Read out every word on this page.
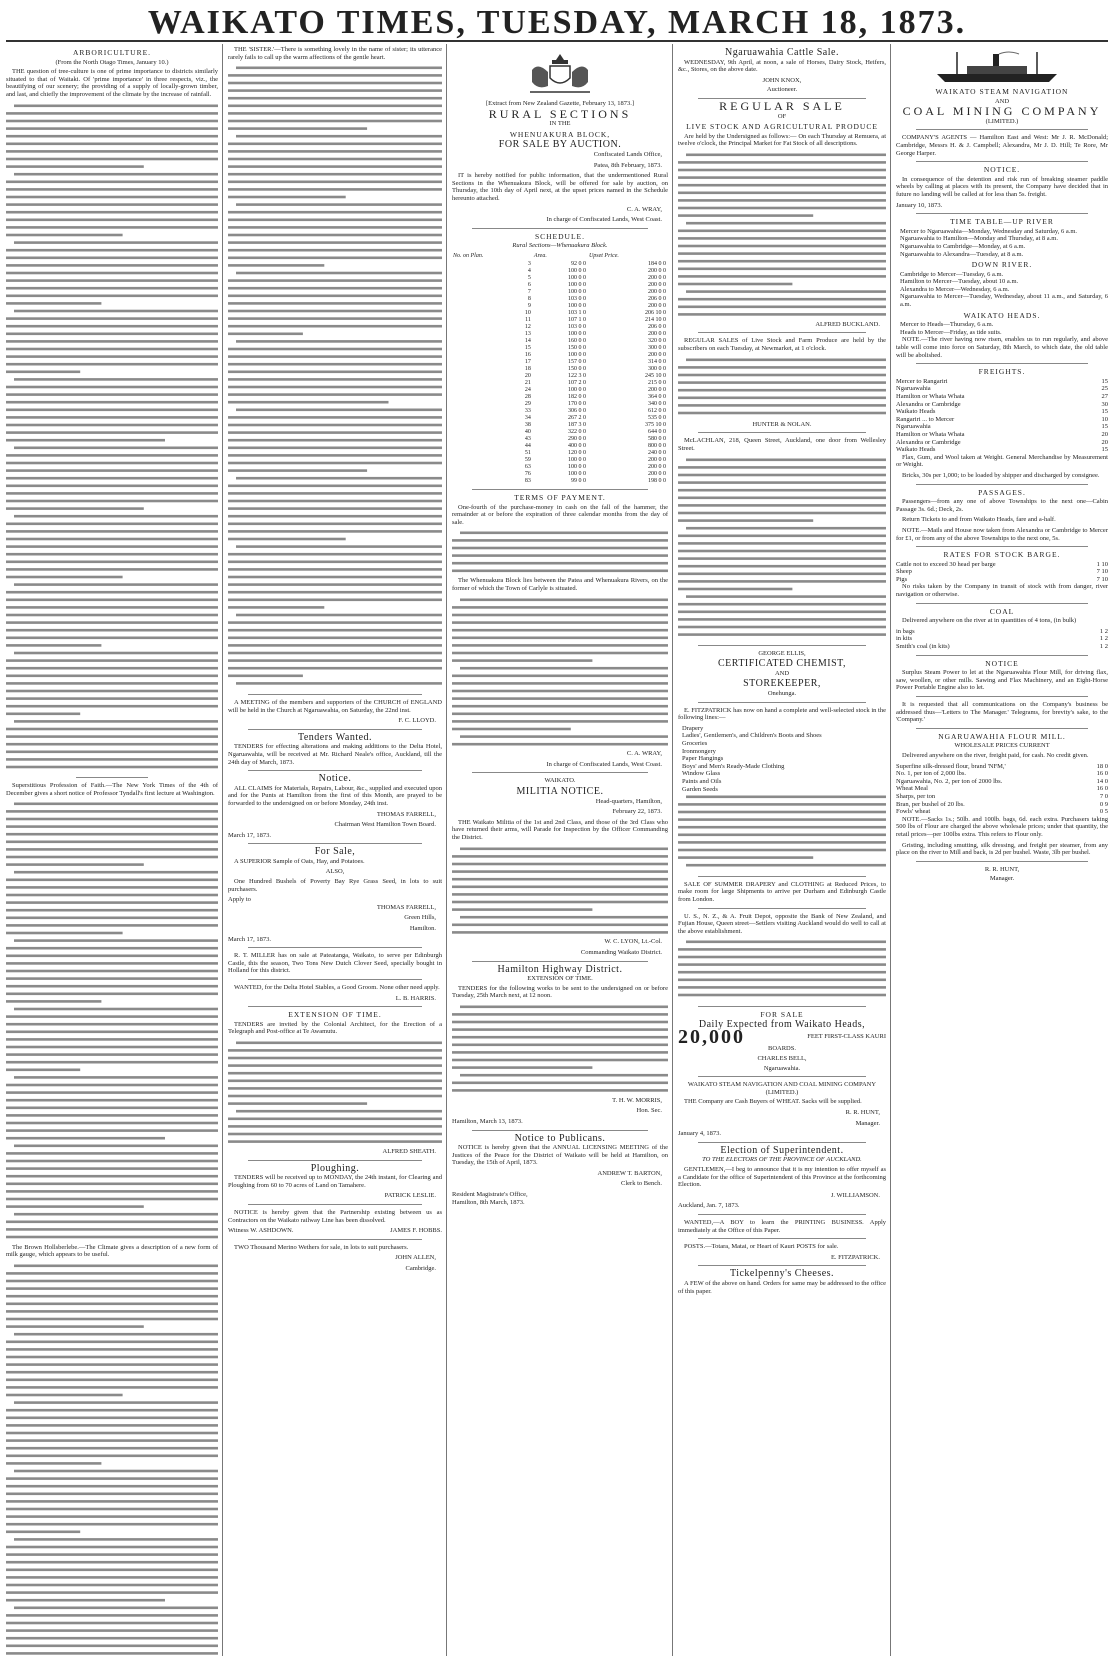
WAIKATO TIMES, TUESDAY, MARCH 18, 1873.
ARBORICULTURE.
(From the North Otago Times, January 10.)

THE question of tree-culture is one of prime importance to districts similarly situated to that of Waitaki. Of 'prime importance' in three respects, viz., the beautifying of our scenery; the providing of a supply of locally-grown timber, and last, and chiefly the improvement of the climate by the increase of rainfall.

Superstitious Profession of Faith.—The New York Times of the 4th of December gives a short notice of Professor Tyndall's first lecture at Washington.

The Brown Hollsberlebe.—The Climate gives a description of a new form of milk gauge, which appears to be useful.

THE 'SISTER.'—There is something lovely in the name of sister; its utterance rarely fails to call up the warm affections of the gentle heart.

A MEETING of the members and supporters of the CHURCH of ENGLAND will be held in the Church at Ngaruawahia, on Saturday, the 22nd inst.

F. C. LLOYD.
Tenders Wanted.

TENDERS for effecting alterations and making additions to the Delta Hotel, Ngaruawahia, will be received at Mr. Richard Neale's office, Auckland, till the 24th day of March, 1873.

Notice.

ALL CLAIMS for Materials, Repairs, Labour, &c., supplied and executed upon and for the Punts at Hamilton from the first of this Month, are prayed to be forwarded to the undersigned on or before Monday, 24th inst.

THOMAS FARRELL,
Chairman West Hamilton Town Board.
March 17, 1873.
For Sale,

A SUPERIOR Sample of Oats, Hay, and Potatoes.

ALSO,

One Hundred Bushels of Poverty Bay Rye Grass Seed, in lots to suit purchasers.

Apply to
THOMAS FARRELL,
Green Hills,
Hamilton.
March 17, 1873.

R. T. MILLER has on sale at Pateatanga, Waikato, to serve per Edinburgh Castle, this the season, Two Tons New Dutch Clover Seed, specially bought in Holland for this district.

WANTED, for the Delta Hotel Stables, a Good Groom. None other need apply.

L. B. HARRIS.
EXTENSION OF TIME.

TENDERS are invited by the Colonial Architect, for the Erection of a Telegraph and Post-office at Te Awamutu.

ALFRED SHEATH.
Ploughing.

TENDERS will be received up to MONDAY, the 24th instant, for Clearing and Ploughing from 60 to 70 acres of Land on Tamahere.

PATRICK LESLIE.

NOTICE is hereby given that the Partnership existing between us as Contractors on the Waikato railway Line has been dissolved.

Witness W. ASHDOWN.	JAMES F. HOBBS.

TWO Thousand Merino Wethers for sale, in lots to suit purchasers.

JOHN ALLEN,
Cambridge.
[Extract from New Zealand Gazette, February 13, 1873.]
RURAL SECTIONS
IN THE
WHENUAKURA BLOCK,
FOR SALE BY AUCTION.
Confiscated Lands Office,
Patea, 8th February, 1873.

IT is hereby notified for public information, that the undermentioned Rural Sections in the Whenuakura Block, will be offered for sale by auction, on Thursday, the 10th day of April next, at the upset prices named in the Schedule hereunto attached.

C. A. WRAY,
In charge of Confiscated Lands, West Coast.
SCHEDULE.
Rural Sections—Whenuakura Block.
No. on Plan.	Area.	Upset Price.
3	92 0 0	184 0 0
4	100 0 0	200 0 0
5	100 0 0	200 0 0
6	100 0 0	200 0 0
7	100 0 0	200 0 0
8	103 0 0	206 0 0
9	100 0 0	200 0 0
10	103 1 0	206 10 0
11	107 1 0	214 10 0
12	103 0 0	206 0 0
13	100 0 0	200 0 0
14	160 0 0	320 0 0
15	150 0 0	300 0 0
16	100 0 0	200 0 0
17	157 0 0	314 0 0
18	150 0 0	300 0 0
20	122 3 0	245 10 0
21	107 2 0	215 0 0
24	100 0 0	200 0 0
28	182 0 0	364 0 0
29	170 0 0	340 0 0
33	306 0 0	612 0 0
34	267 2 0	535 0 0
38	187 3 0	375 10 0
40	322 0 0	644 0 0
43	290 0 0	580 0 0
44	400 0 0	800 0 0
51	120 0 0	240 0 0
59	100 0 0	200 0 0
63	100 0 0	200 0 0
76	100 0 0	200 0 0
83	99 0 0	198 0 0
TERMS OF PAYMENT.

One-fourth of the purchase-money in cash on the fall of the hammer, the remainder at or before the expiration of three calendar months from the day of sale.

The Whenuakura Block lies between the Patea and Whenuakura Rivers, on the former of which the Town of Carlyle is situated.

C. A. WRAY,
In charge of Confiscated Lands, West Coast.
WAIKATO.
MILITIA NOTICE.
Head-quarters, Hamilton,
February 22, 1873.

THE Waikato Militia of the 1st and 2nd Class, and those of the 3rd Class who have returned their arms, will Parade for Inspection by the Officer Commanding the District.

W. C. LYON, Lt.-Col.
Commanding Waikato District.
Hamilton Highway District.
EXTENSION OF TIME.

TENDERS for the following works to be sent to the undersigned on or before Tuesday, 25th March next, at 12 noon.

T. H. W. MORRIS,
Hon. Sec.
Hamilton, March 13, 1873.
Notice to Publicans.

NOTICE is hereby given that the ANNUAL LICENSING MEETING of the Justices of the Peace for the District of Waikato will be held at Hamilton, on Tuesday, the 15th of April, 1873.

ANDREW T. BARTON,
Clerk to Bench.
Resident Magistrate's Office,
Hamilton, 8th March, 1873.
Ngaruawahia Cattle Sale.

WEDNESDAY, 9th April, at noon, a sale of Horses, Dairy Stock, Heifers, &c., Stores, on the above date.

JOHN KNOX,
Auctioneer.
REGULAR SALE
OF
LIVE STOCK AND AGRICULTURAL PRODUCE

Are held by the Undersigned as follows:— On each Thursday at Remuera, at twelve o'clock, the Principal Market for Fat Stock of all descriptions.

ALFRED BUCKLAND.

REGULAR SALES of Live Stock and Farm Produce are held by the subscribers on each Tuesday, at Newmarket, at 1 o'clock.

HUNTER & NOLAN.

McLACHLAN, 218, Queen Street, Auckland, one door from Wellesley Street.

GEORGE ELLIS,
CERTIFICATED CHEMIST,
AND
STOREKEEPER,
Onehunga.

E. FITZPATRICK has now on hand a complete and well-selected stock in the following lines:—

Drapery
Ladies', Gentlemen's, and Children's Boots and Shoes
Groceries
Ironmongery
Paper Hangings
Boys' and Men's Ready-Made Clothing
Window Glass
Paints and Oils
Garden Seeds

SALE OF SUMMER DRAPERY and CLOTHING at Reduced Prices, to make room for large Shipments to arrive per Durham and Edinburgh Castle from London.

U. S., N. Z., & A. Fruit Depot, opposite the Bank of New Zealand, and Fujian House, Queen street—Settlers visiting Auckland would do well to call at the above establishment.

FOR SALE
Daily Expected from Waikato Heads,
20,000	FEET FIRST-CLASS KAURI
BOARDS.
CHARLES BELL,
Ngaruawahia.
WAIKATO STEAM NAVIGATION AND COAL MINING COMPANY (LIMITED.)

THE Company are Cash Buyers of WHEAT. Sacks will be supplied.

R. R. HUNT,
Manager.
January 4, 1873.
Election of Superintendent.
TO THE ELECTORS OF THE PROVINCE OF AUCKLAND.

GENTLEMEN,—I beg to announce that it is my intention to offer myself as a Candidate for the office of Superintendent of this Province at the forthcoming Election.

J. WILLIAMSON.
Auckland, Jan. 7, 1873.

WANTED,—A BOY to learn the PRINTING BUSINESS. Apply immediately at the Office of this Paper.

POSTS.—Totara, Matai, or Heart of Kauri POSTS for sale.

E. FITZPATRICK.
Tickelpenny's Cheeses.

A FEW of the above on hand. Orders for same may be addressed to the office of this paper.

WAIKATO STEAM NAVIGATION
AND
COAL MINING COMPANY
(LIMITED.)

COMPANY'S AGENTS — Hamilton East and West: Mr J. R. McDonald; Cambridge, Messrs H. & J. Campbell; Alexandra, Mr J. D. Hill; Te Rore, Mr George Harper.

NOTICE.

In consequence of the detention and risk run of breaking steamer paddle wheels by calling at places with its present, the Company have decided that in future no landing will be called at for less than 5s. freight.

January 10, 1873.
TIME TABLE—UP RIVER
Mercer to Ngaruawahia—Monday, Wednesday and Saturday, 6 a.m.
Ngaruawahia to Hamilton—Monday and Thursday, at 8 a.m.
Ngaruawahia to Cambridge—Monday, at 6 a.m.
Ngaruawahia to Alexandra—Tuesday, at 8 a.m.
DOWN RIVER.
Cambridge to Mercer—Tuesday, 6 a.m.
Hamilton to Mercer—Tuesday, about 10 a.m.
Alexandra to Mercer—Wednesday, 6 a.m.
Ngaruawahia to Mercer—Tuesday, Wednesday, about 11 a.m., and Saturday, 6 a.m.
WAIKATO HEADS.
Mercer to Heads—Thursday, 6 a.m.
Heads to Mercer—Friday, as tide suits.

NOTE.—The river having now risen, enables us to run regularly, and above table will come into force on Saturday, 8th March, to which date, the old table will be abolished.

FREIGHTS.
Mercer to Rangariri	15
Ngaruawahia	25
Hamilton or Whata Whata	27
Alexandra or Cambridge	30
Waikato Heads	15
Rangariri ... to Mercer	10
Ngaruawahia	15
Hamilton or Whata Whata	20
Alexandra or Cambridge	20
Waikato Heads	15

Flax, Gum, and Wool taken at Weight. General Merchandise by Measurement or Weight.

Bricks, 30s per 1,000; to be loaded by shipper and discharged by consignee.

PASSAGES.

Passengers—from any one of above Townships to the next one—Cabin Passage 3s. 6d.; Deck, 2s.

Return Tickets to and from Waikato Heads, fare and a-half.

NOTE.—Mails and House now taken from Alexandra or Cambridge to Mercer for £1, or from any of the above Townships to the next one, 5s.

RATES FOR STOCK BARGE.
Cattle not to exceed 30 head per barge	1 10
Sheep	7 10
Pigs	7 10

No risks taken by the Company in transit of stock with from danger, river navigation or otherwise.

COAL

Delivered anywhere on the river at in quantities of 4 tons, (in bulk)

in bags	1 2
in kits	1 2
Smith's coal (in kits)	1 2
NOTICE

Surplus Steam Power to let at the Ngaruawahia Flour Mill, for driving flax, saw, woollen, or other mills. Sawing and Flax Machinery, and an Eight-Horse Power Portable Engine also to let.

It is requested that all communications on the Company's business be addressed thus—'Letters to The Manager.' Telegrams, for brevity's sake, to the 'Company.'

NGARUAWAHIA FLOUR MILL.
WHOLESALE PRICES CURRENT

Delivered anywhere on the river, freight paid, for cash. No credit given.

Superfine silk-dressed flour, brand 'NFM,'	18 0
No. 1, per ton of 2,000 lbs.	16 0
Ngaruawahia, No. 2, per ton of 2000 lbs.	14 0
Wheat Meal	16 0
Sharps, per ton	7 0
Bran, per bushel of 20 lbs.	0 9
Fowls' wheat	0 5

NOTE.—Sacks 1s.; 50lb. and 100lb. bags, 6d. each extra. Purchasers taking 500 lbs of Flour are charged the above wholesale prices; under that quantity, the retail prices—per 100lbs extra. This refers to Flour only.

Gristing, including smutting, silk dressing, and freight per steamer, from any place on the river to Mill and back, is 2d per bushel. Waste, 3lb per bushel.

R. R. HUNT,
Manager.
